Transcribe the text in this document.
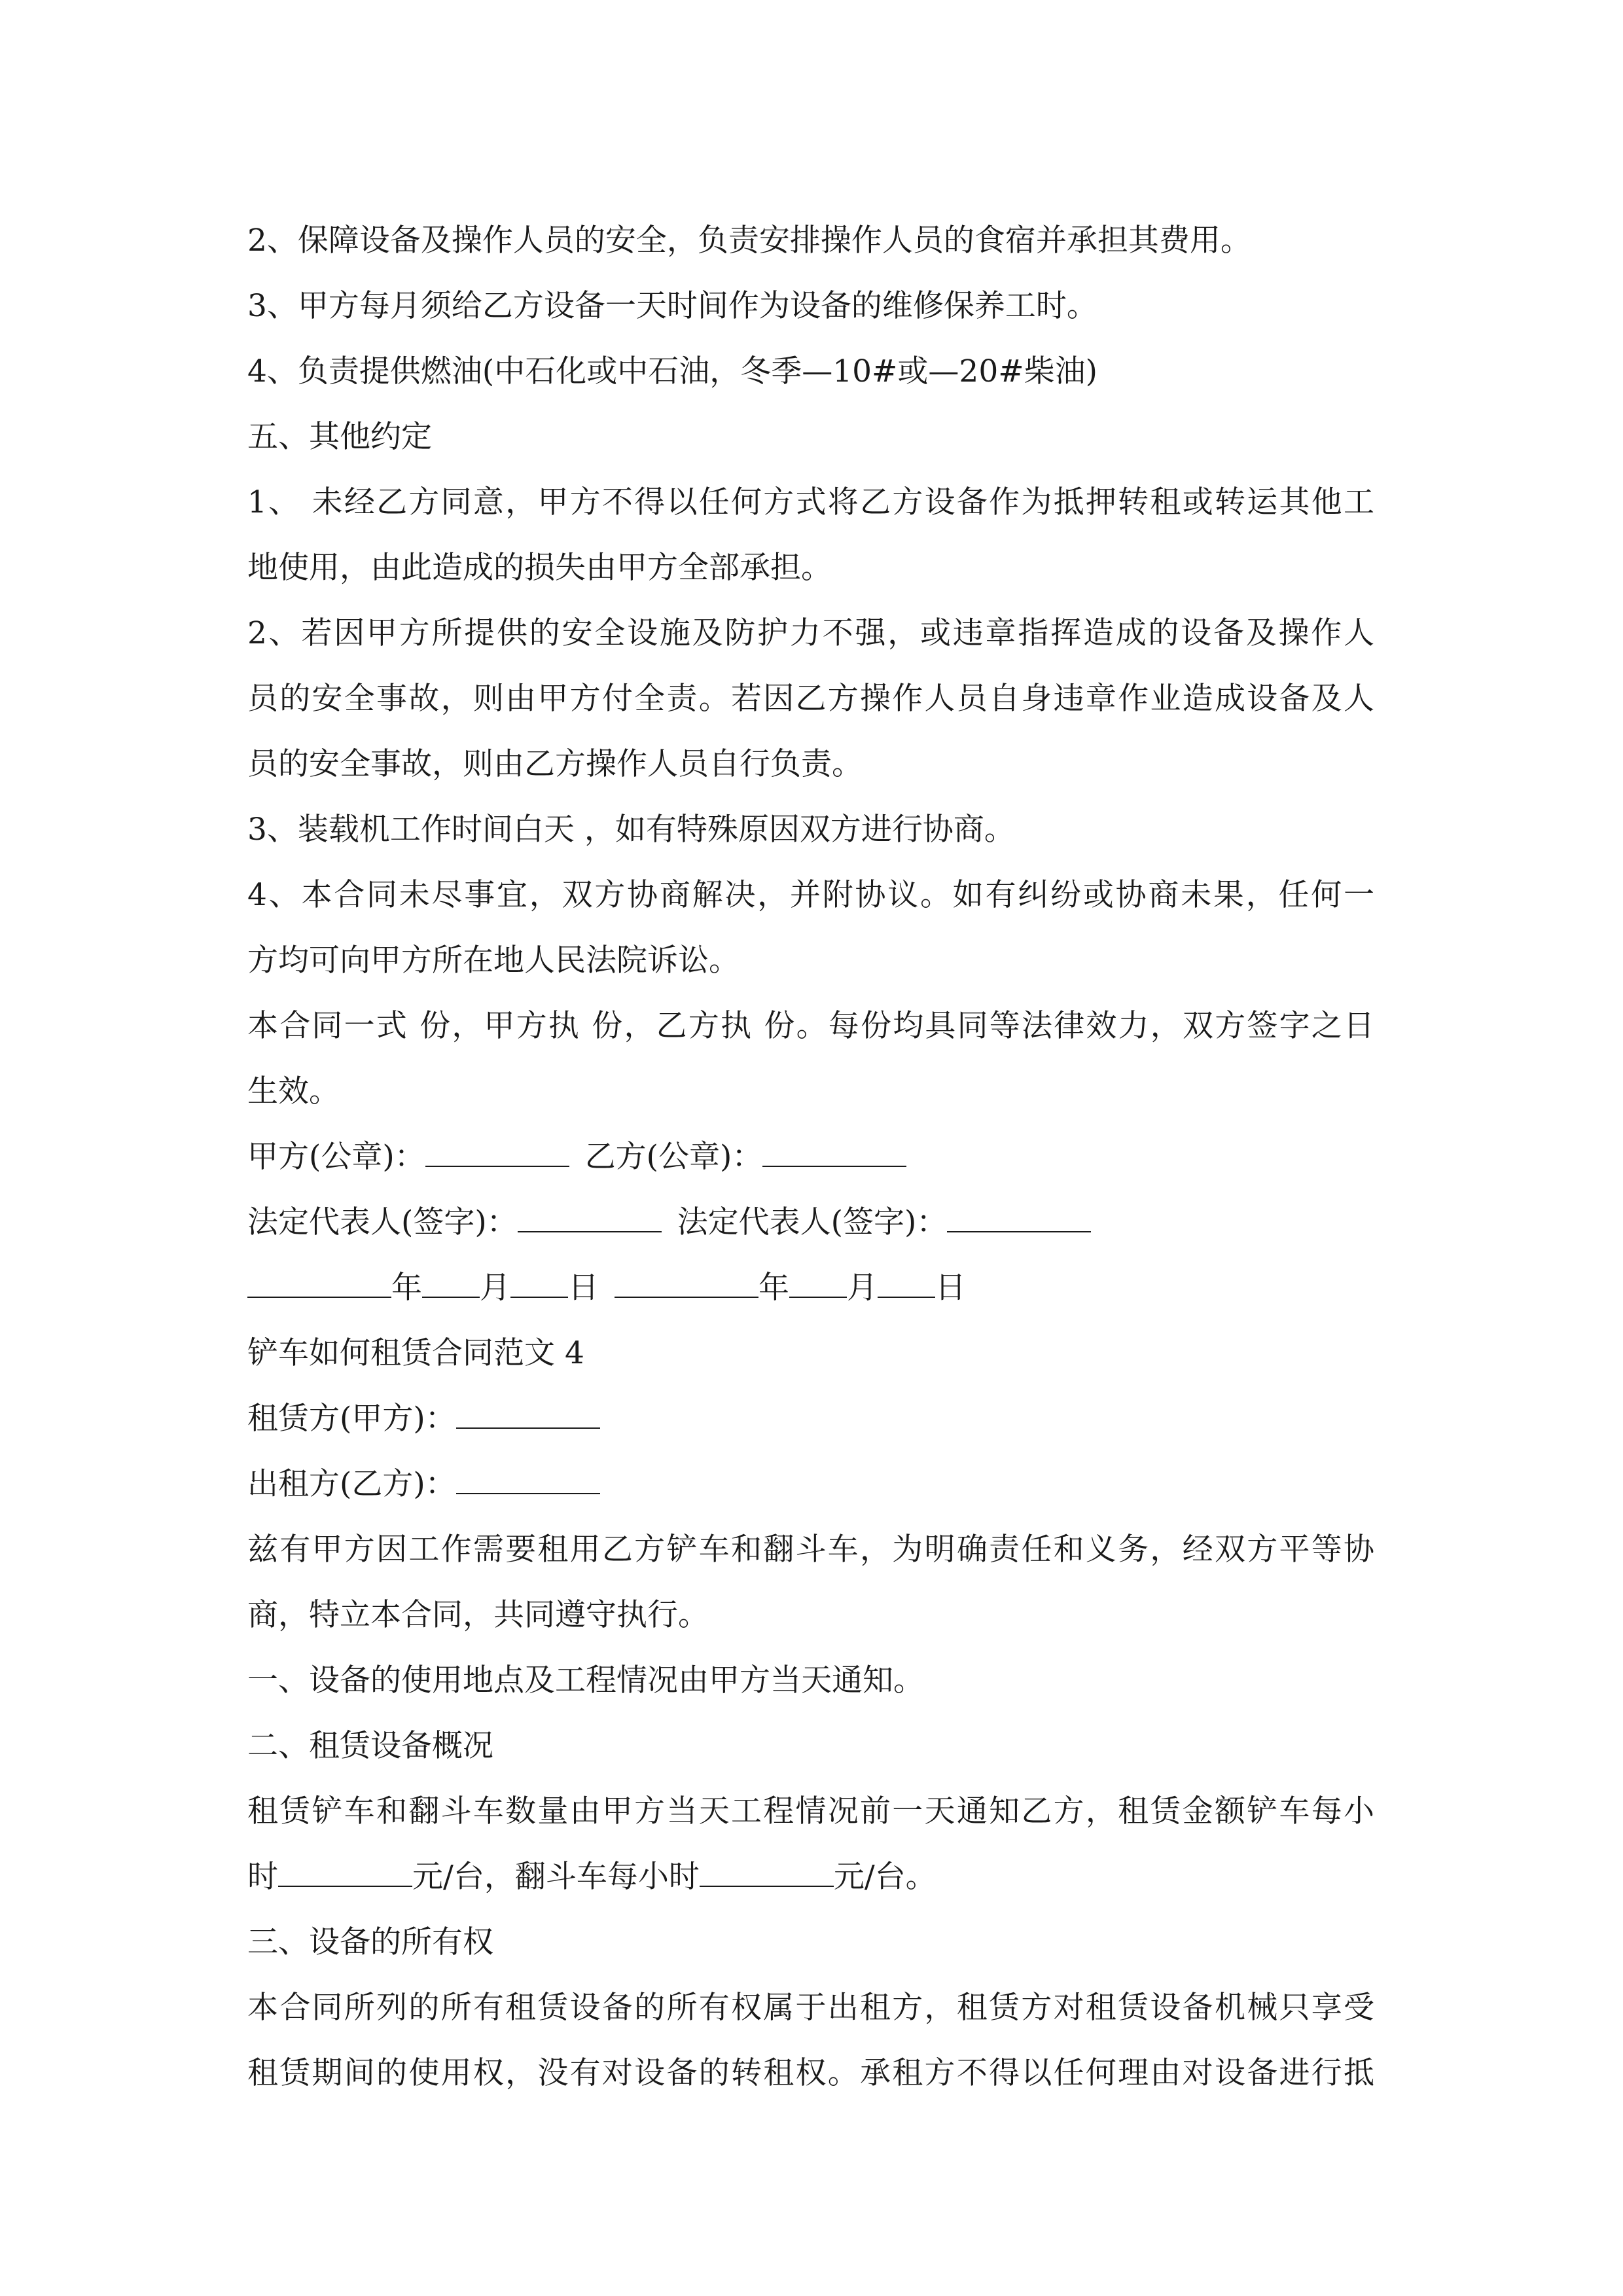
2、保障设备及操作人员的安全，负责安排操作人员的食宿并承担其费用。
3、甲方每月须给乙方设备一天时间作为设备的维修保养工时。
4、负责提供燃油(中石化或中石油，冬季—10#或—20#柴油)
五、其他约定
1、 未经乙方同意，甲方不得以任何方式将乙方设备作为抵押转租或转运其他工
地使用，由此造成的损失由甲方全部承担。
2、若因甲方所提供的安全设施及防护力不强，或违章指挥造成的设备及操作人
员的安全事故，则由甲方付全责。若因乙方操作人员自身违章作业造成设备及人
员的安全事故，则由乙方操作人员自行负责。
3、装载机工作时间白天 ，如有特殊原因双方进行协商。
4、本合同未尽事宜，双方协商解决，并附协议。如有纠纷或协商未果，任何一
方均可向甲方所在地人民法院诉讼。
本合同一式 份，甲方执 份，乙方执 份。每份均具同等法律效力，双方签字之日
生效。
甲方(公章)：	乙方(公章)：
法定代表人(签字)：	法定代表人(签字)：
年 月 日	年 月 日
铲车如何租赁合同范文 4
租赁方(甲方)：
出租方(乙方)：
兹有甲方因工作需要租用乙方铲车和翻斗车，为明确责任和义务，经双方平等协
商，特立本合同，共同遵守执行。
一、设备的使用地点及工程情况由甲方当天通知。
二、租赁设备概况
租赁铲车和翻斗车数量由甲方当天工程情况前一天通知乙方，租赁金额铲车每小
时	元/台，翻斗车每小时	元/台。
三、设备的所有权
本合同所列的所有租赁设备的所有权属于出租方，租赁方对租赁设备机械只享受
租赁期间的使用权，没有对设备的转租权。承租方不得以任何理由对设备进行抵
